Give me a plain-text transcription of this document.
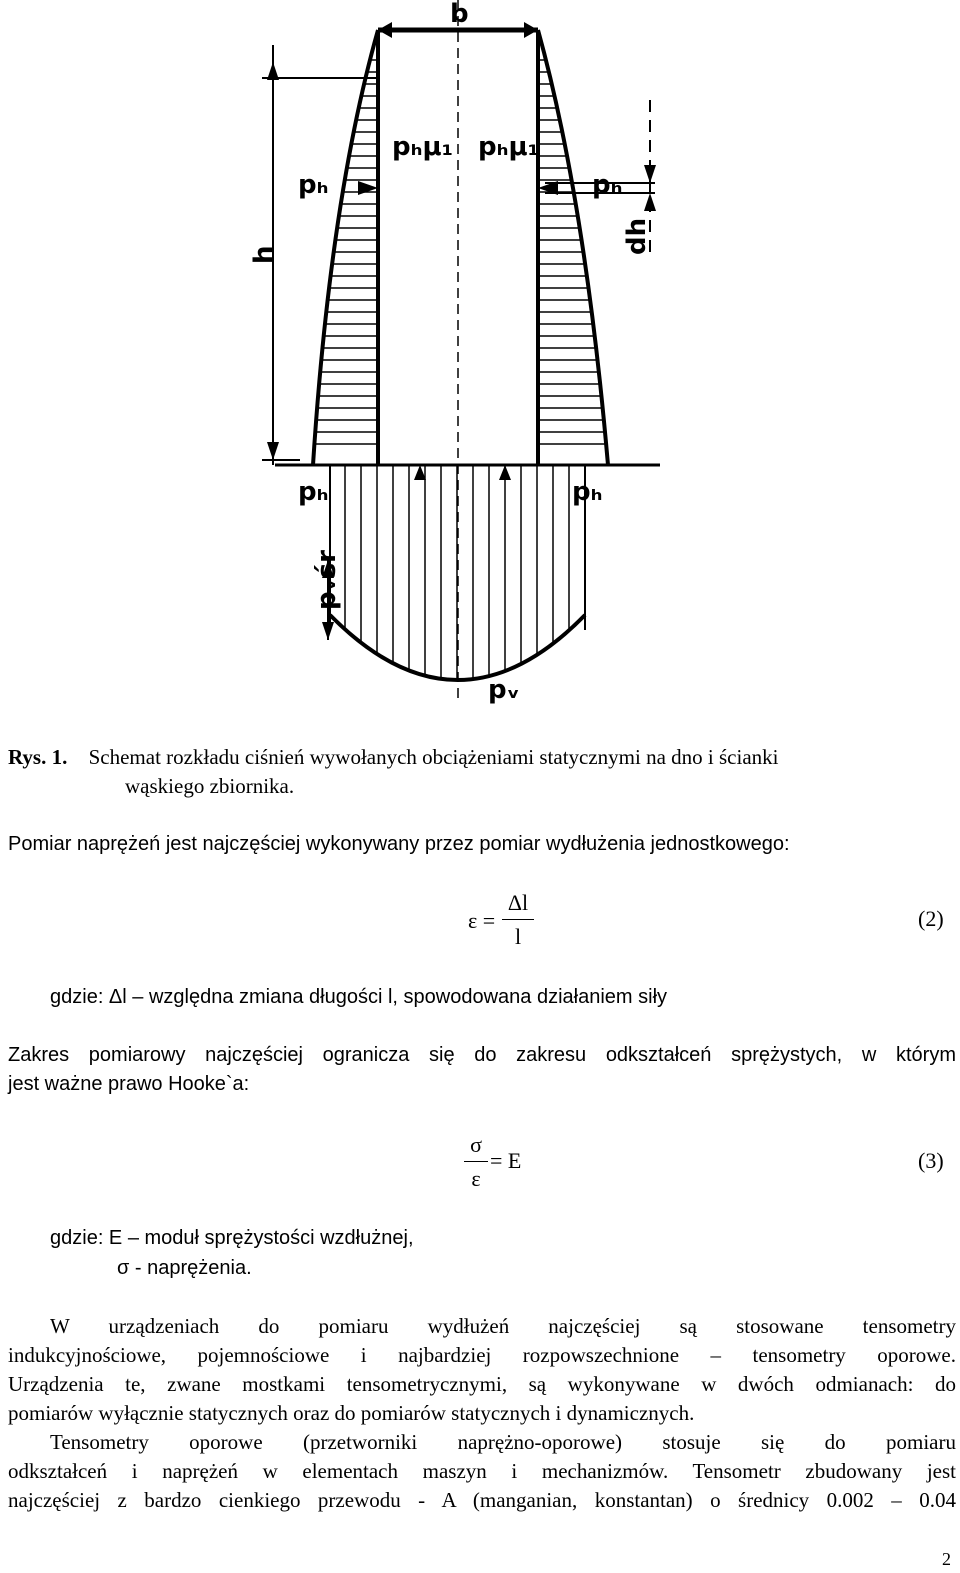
b
h	dh
pₕμ₁ pₕμ₁
pₕ	pₕ
pₕ	pₕ
pᵥśr
pᵥ
Rys. 1. Schemat rozkładu ciśnień wywołanych obciążeniami statycznymi na dno i ścianki
wąskiego zbiornika.
Pomiar naprężeń jest najczęściej wykonywany przez pomiar wydłużenia jednostkowego:
ε =
Δl
l
(2)
gdzie: Δl – względna zmiana długości l, spowodowana działaniem siły
Zakres pomiarowy najczęściej ogranicza się do zakresu odkształceń sprężystych, w którym
jest ważne prawo Hooke`a:
σ
ε
= E	(3)
gdzie: E – moduł sprężystości wzdłużnej,
σ - naprężenia.
W urządzeniach do pomiaru wydłużeń najczęściej są stosowane tensometry
indukcyjnościowe, pojemnościowe i najbardziej rozpowszechnione – tensometry oporowe.
Urządzenia te, zwane mostkami tensometrycznymi, są wykonywane w dwóch odmianach: do
pomiarów wyłącznie statycznych oraz do pomiarów statycznych i dynamicznych.
Tensometry oporowe (przetworniki naprężno-oporowe) stosuje się do pomiaru
odkształceń i naprężeń w elementach maszyn i mechanizmów. Tensometr zbudowany jest
najczęściej z bardzo cienkiego przewodu - A (manganian, konstantan) o średnicy 0.002 – 0.04
2
